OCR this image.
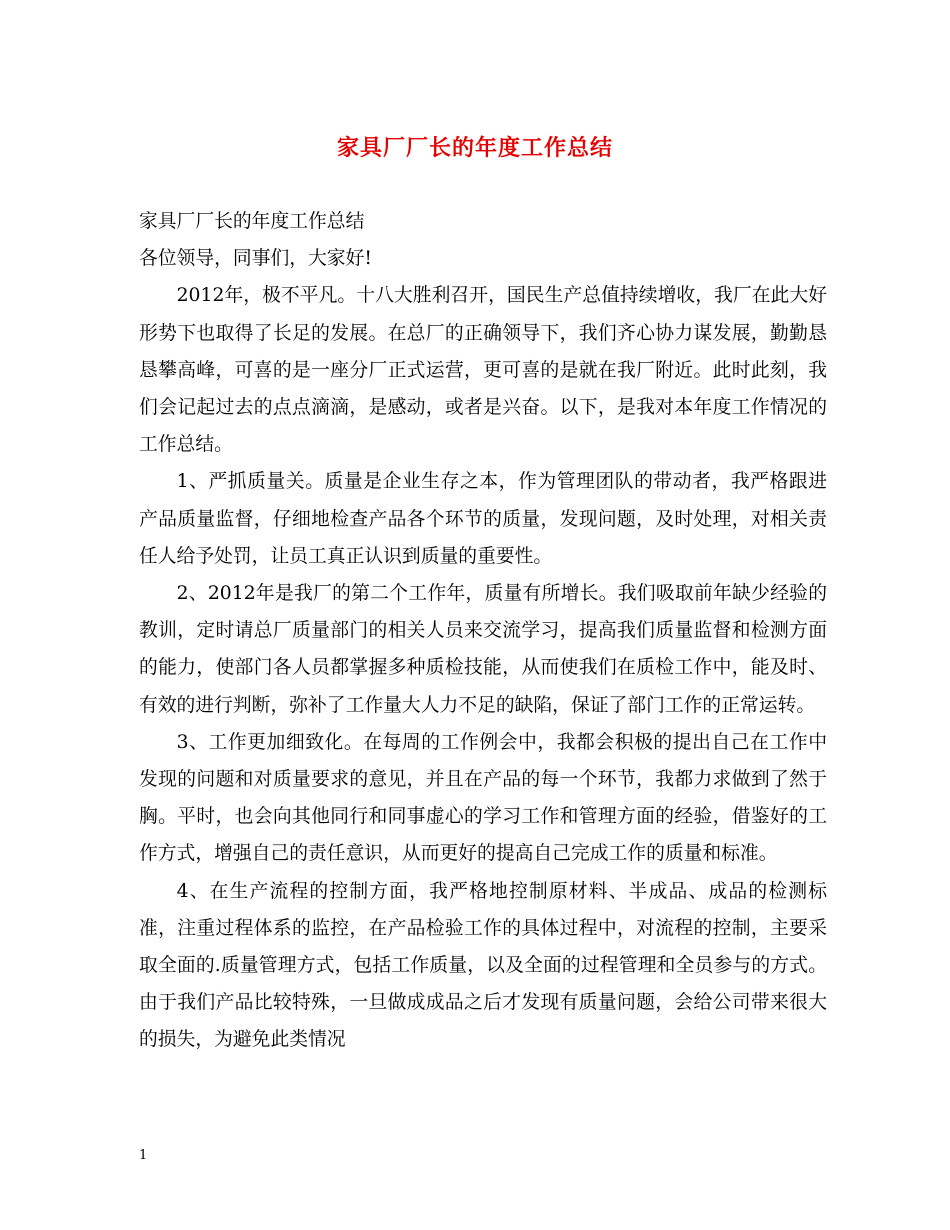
家具厂厂长的年度工作总结
家具厂厂长的年度工作总结
各位领导，同事们，大家好!

2012年，极不平凡。十八大胜利召开，国民生产总值持续增收，我厂在此大好形势下也取得了长足的发展。在总厂的正确领导下，我们齐心协力谋发展，勤勤恳恳攀高峰，可喜的是一座分厂正式运营，更可喜的是就在我厂附近。此时此刻，我们会记起过去的点点滴滴，是感动，或者是兴奋。以下，是我对本年度工作情况的工作总结。

1、严抓质量关。质量是企业生存之本，作为管理团队的带动者，我严格跟进产品质量监督，仔细地检查产品各个环节的质量，发现问题，及时处理，对相关责任人给予处罚，让员工真正认识到质量的重要性。

2、2012年是我厂的第二个工作年，质量有所增长。我们吸取前年缺少经验的教训，定时请总厂质量部门的相关人员来交流学习，提高我们质量监督和检测方面的能力，使部门各人员都掌握多种质检技能，从而使我们在质检工作中，能及时、有效的进行判断，弥补了工作量大人力不足的缺陷，保证了部门工作的正常运转。

3、工作更加细致化。在每周的工作例会中，我都会积极的提出自己在工作中发现的问题和对质量要求的意见，并且在产品的每一个环节，我都力求做到了然于胸。平时，也会向其他同行和同事虚心的学习工作和管理方面的经验，借鉴好的工作方式，增强自己的责任意识，从而更好的提高自己完成工作的质量和标准。

4、在生产流程的控制方面，我严格地控制原材料、半成品、成品的检测标准，注重过程体系的监控，在产品检验工作的具体过程中，对流程的控制，主要采取全面的.质量管理方式，包括工作质量，以及全面的过程管理和全员参与的方式。由于我们产品比较特殊，一旦做成成品之后才发现有质量问题，会给公司带来很大的损失，为避免此类情况

1
